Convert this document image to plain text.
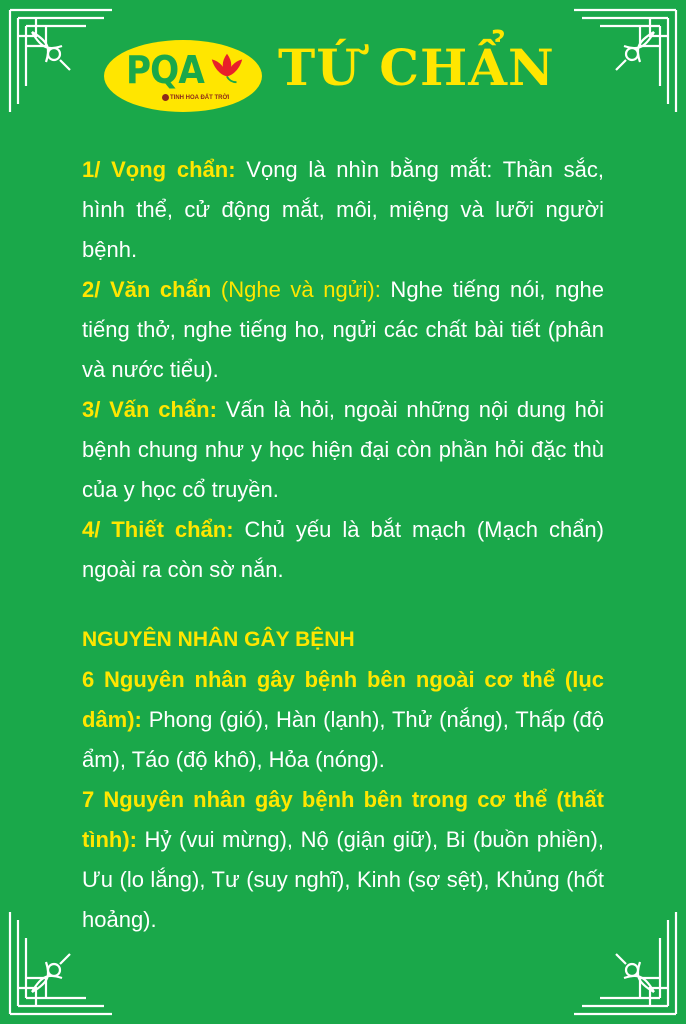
PQA
TINH HOA ĐẤT TRỜI
TỨ CHẨN

1/ Vọng chẩn: Vọng là nhìn bằng mắt: Thần sắc, hình thể, cử động mắt, môi, miệng và lưỡi người bệnh.

2/ Văn chẩn (Nghe và ngửi): Nghe tiếng nói, nghe tiếng thở, nghe tiếng ho, ngửi các chất bài tiết (phân và nước tiểu).

3/ Vấn chẩn: Vấn là hỏi, ngoài những nội dung hỏi bệnh chung như y học hiện đại còn phần hỏi đặc thù của y học cổ truyền.

4/ Thiết chẩn: Chủ yếu là bắt mạch (Mạch chẩn) ngoài ra còn sờ nắn.

NGUYÊN NHÂN GÂY BỆNH

6 Nguyên nhân gây bệnh bên ngoài cơ thể (lục dâm): Phong (gió), Hàn (lạnh), Thử (nắng), Thấp (độ ẩm), Táo (độ khô), Hỏa (nóng).

7 Nguyên nhân gây bệnh bên trong cơ thể (thất tình): Hỷ (vui mừng), Nộ (giận giữ), Bi (buồn phiền), Ưu (lo lắng), Tư (suy nghĩ), Kinh (sợ sệt), Khủng (hốt hoảng).
